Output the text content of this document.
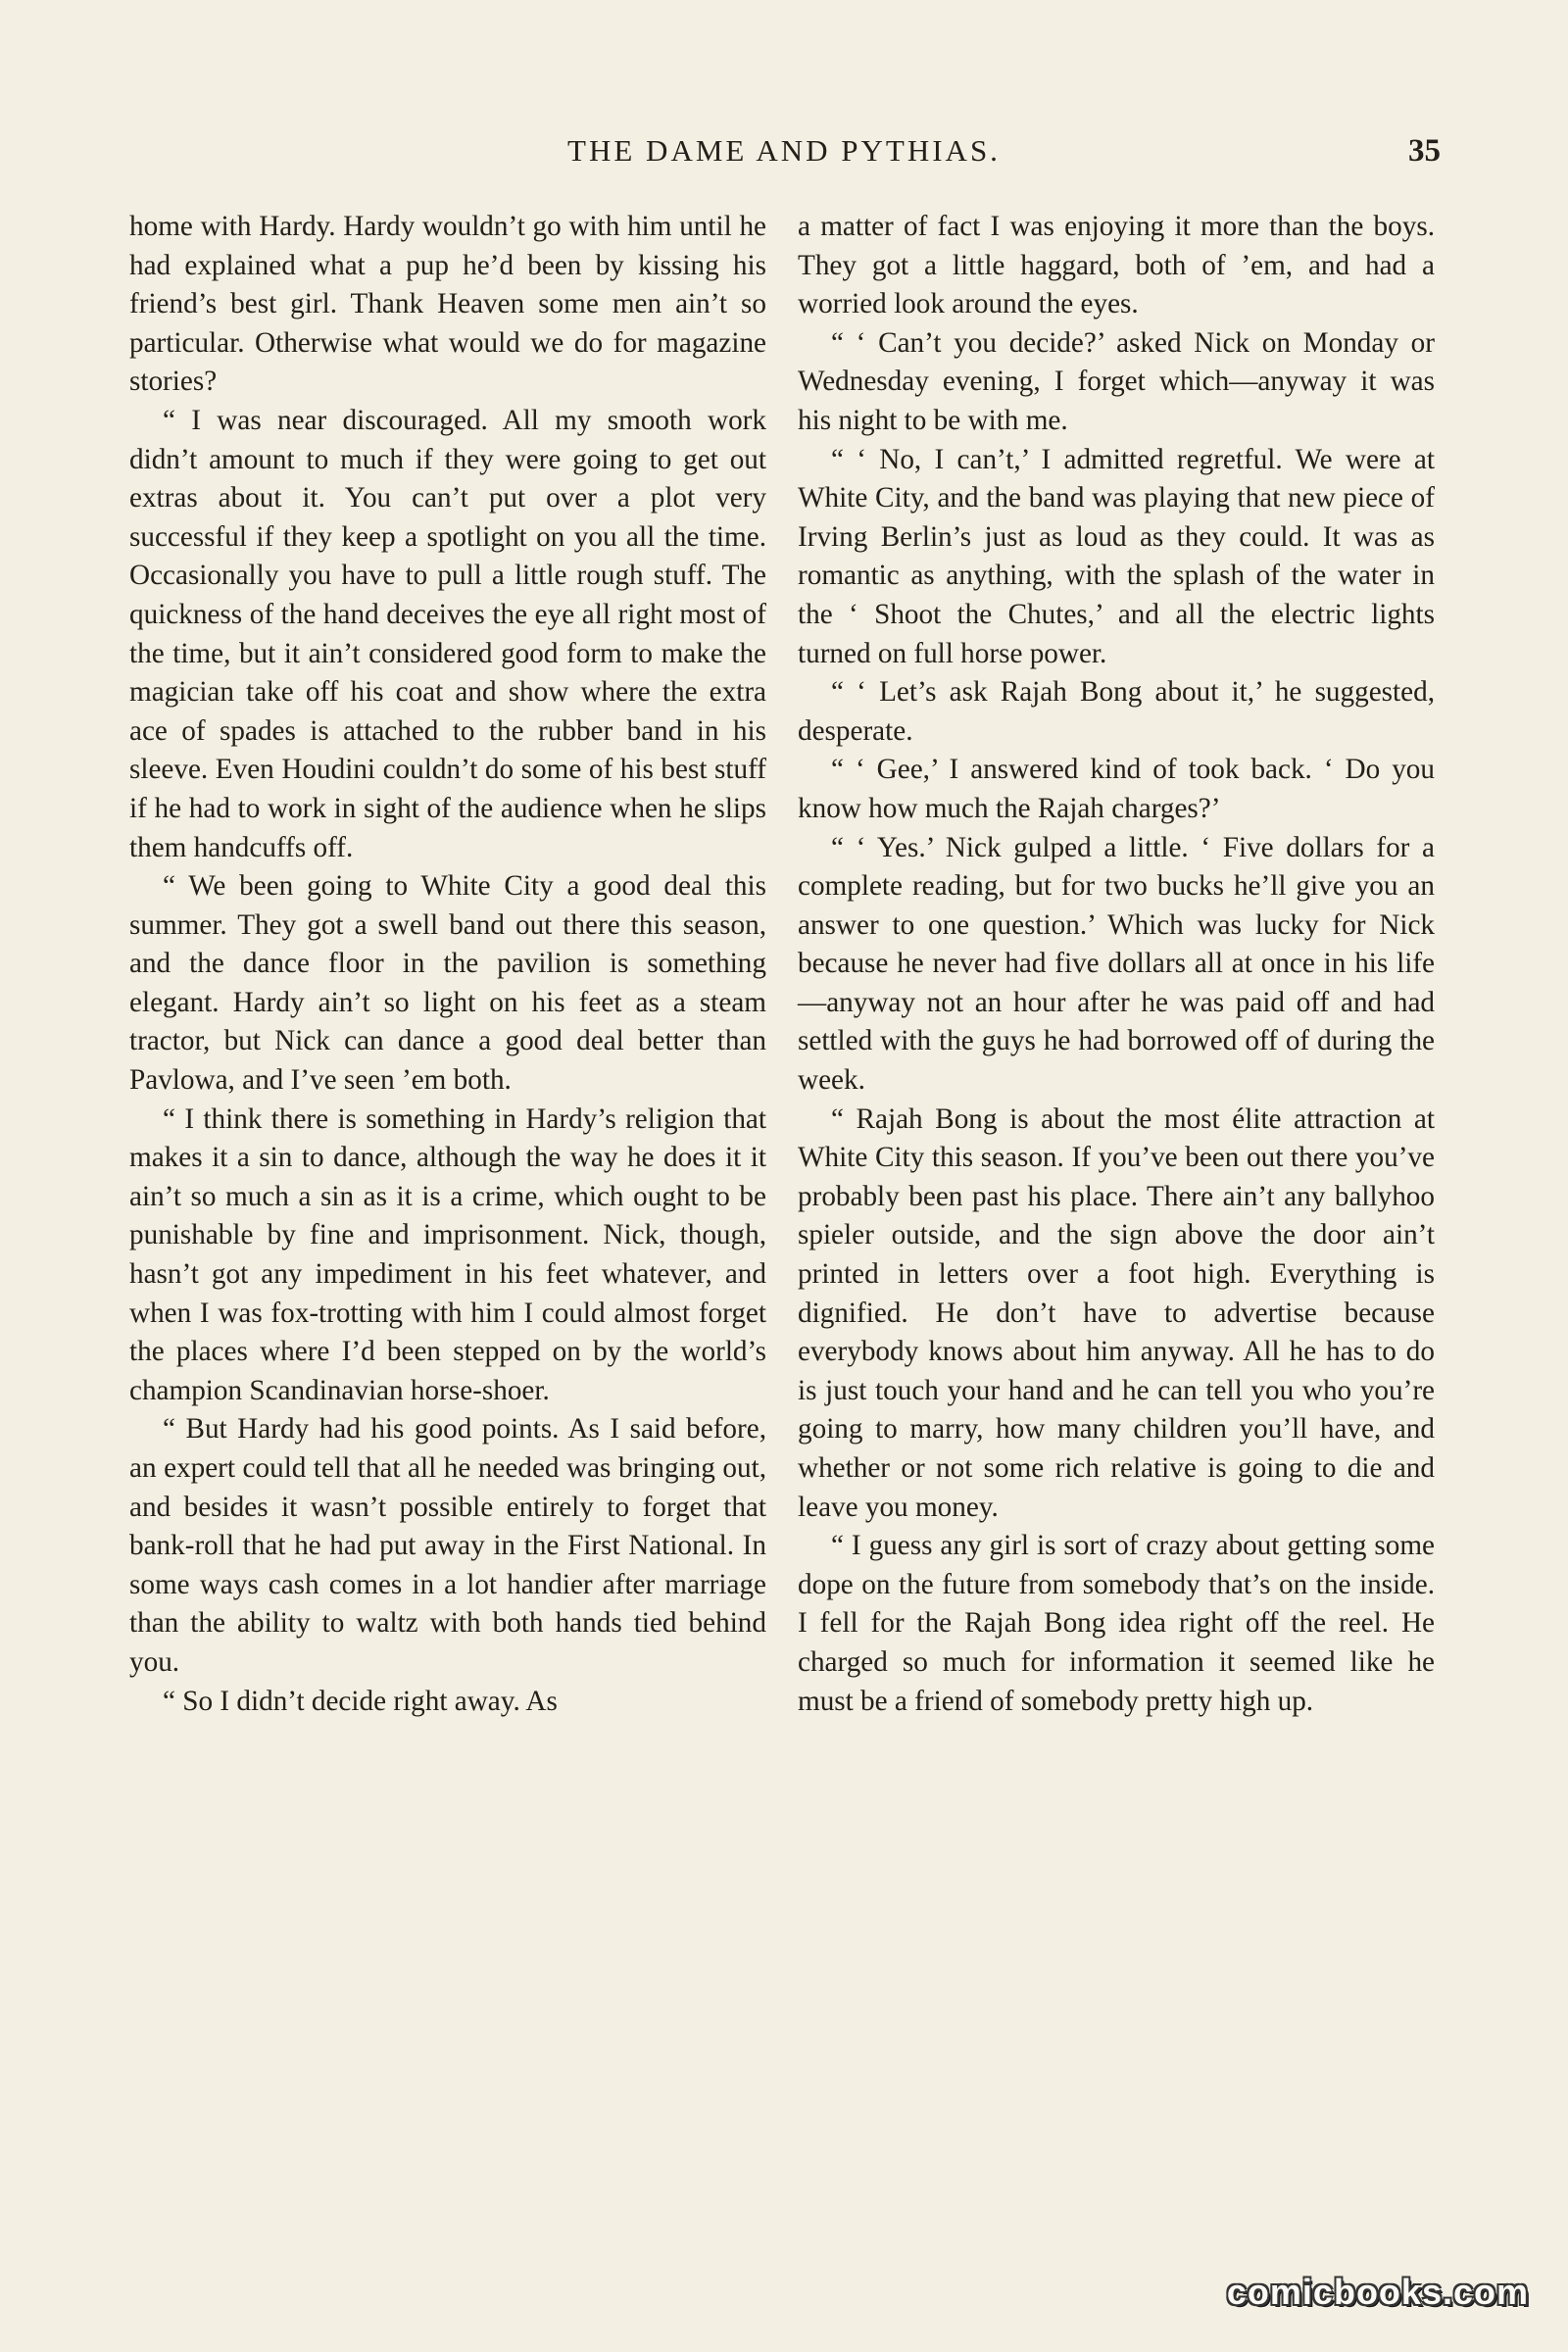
THE DAME AND PYTHIAS.	35

home with Hardy. Hardy wouldn’t go with him until he had explained what a pup he’d been by kissing his friend’s best girl. Thank Heaven some men ain’t so particular. Otherwise what would we do for magazine stories?

“ I was near discouraged. All my smooth work didn’t amount to much if they were going to get out extras about it. You can’t put over a plot very successful if they keep a spotlight on you all the time. Occasionally you have to pull a little rough stuff. The quickness of the hand deceives the eye all right most of the time, but it ain’t considered good form to make the magician take off his coat and show where the extra ace of spades is attached to the rubber band in his sleeve. Even Houdini couldn’t do some of his best stuff if he had to work in sight of the audience when he slips them handcuffs off.

“ We been going to White City a good deal this summer. They got a swell band out there this season, and the dance floor in the pavilion is something elegant. Hardy ain’t so light on his feet as a steam tractor, but Nick can dance a good deal better than Pavlowa, and I’ve seen ’em both.

“ I think there is something in Hardy’s religion that makes it a sin to dance, although the way he does it it ain’t so much a sin as it is a crime, which ought to be punishable by fine and imprisonment. Nick, though, hasn’t got any impediment in his feet whatever, and when I was fox-trotting with him I could almost forget the places where I’d been stepped on by the world’s champion Scandinavian horse-shoer.

“ But Hardy had his good points. As I said before, an expert could tell that all he needed was bringing out, and besides it wasn’t possible entirely to forget that bank-roll that he had put away in the First National. In some ways cash comes in a lot handier after marriage than the ability to waltz with both hands tied behind you.

“ So I didn’t decide right away. As

a matter of fact I was enjoying it more than the boys. They got a little haggard, both of ’em, and had a worried look around the eyes.

“ ‘ Can’t you decide?’ asked Nick on Monday or Wednesday evening, I forget which—anyway it was his night to be with me.

“ ‘ No, I can’t,’ I admitted regretful. We were at White City, and the band was playing that new piece of Irving Berlin’s just as loud as they could. It was as romantic as anything, with the splash of the water in the ‘ Shoot the Chutes,’ and all the electric lights turned on full horse power.

“ ‘ Let’s ask Rajah Bong about it,’ he suggested, desperate.

“ ‘ Gee,’ I answered kind of took back. ‘ Do you know how much the Rajah charges?’

“ ‘ Yes.’ Nick gulped a little. ‘ Five dollars for a complete reading, but for two bucks he’ll give you an answer to one question.’ Which was lucky for Nick because he never had five dollars all at once in his life—anyway not an hour after he was paid off and had settled with the guys he had borrowed off of during the week.

“ Rajah Bong is about the most élite attraction at White City this season. If you’ve been out there you’ve probably been past his place. There ain’t any ballyhoo spieler outside, and the sign above the door ain’t printed in letters over a foot high. Everything is dignified. He don’t have to advertise because everybody knows about him anyway. All he has to do is just touch your hand and he can tell you who you’re going to marry, how many children you’ll have, and whether or not some rich relative is going to die and leave you money.

“ I guess any girl is sort of crazy about getting some dope on the future from somebody that’s on the inside. I fell for the Rajah Bong idea right off the reel. He charged so much for information it seemed like he must be a friend of somebody pretty high up.

comicbooks.com
